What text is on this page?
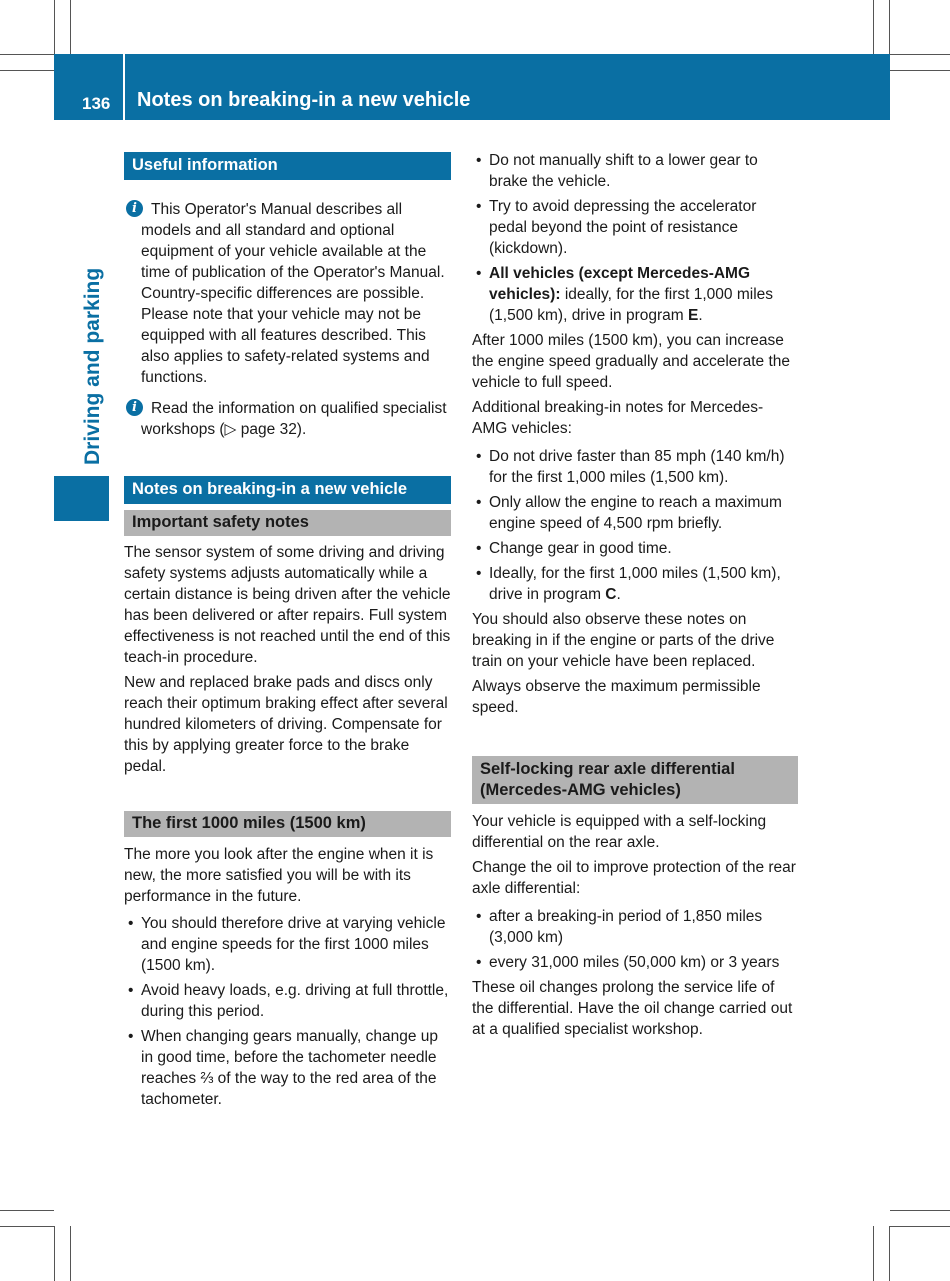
136	Notes on breaking-in a new vehicle
Driving and parking
Useful information
i This Operator's Manual describes all models and all standard and optional equipment of your vehicle available at the time of publication of the Operator's Manual. Country-specific differences are possible. Please note that your vehicle may not be equipped with all features described. This also applies to safety-related systems and functions.

i Read the information on qualified specialist workshops (▷ page 32).

Notes on breaking-in a new vehicle
Important safety notes

The sensor system of some driving and driving safety systems adjusts automatically while a certain distance is being driven after the vehicle has been delivered or after repairs. Full system effectiveness is not reached until the end of this teach-in procedure.

New and replaced brake pads and discs only reach their optimum braking effect after several hundred kilometers of driving. Compensate for this by applying greater force to the brake pedal.

The first 1000 miles (1500 km)

The more you look after the engine when it is new, the more satisfied you will be with its performance in the future.

• You should therefore drive at varying vehicle and engine speeds for the first 1000 miles (1500 km).
• Avoid heavy loads, e.g. driving at full throttle, during this period.
• When changing gears manually, change up in good time, before the tachometer needle reaches ⅔ of the way to the red area of the tachometer.
• Do not manually shift to a lower gear to brake the vehicle.
• Try to avoid depressing the accelerator pedal beyond the point of resistance (kickdown).
• All vehicles (except Mercedes-AMG vehicles): ideally, for the first 1,000 miles (1,500 km), drive in program E.

After 1000 miles (1500 km), you can increase the engine speed gradually and accelerate the vehicle to full speed.

Additional breaking-in notes for Mercedes-AMG vehicles:

• Do not drive faster than 85 mph (140 km/h) for the first 1,000 miles (1,500 km).
• Only allow the engine to reach a maximum engine speed of 4,500 rpm briefly.
• Change gear in good time.
• Ideally, for the first 1,000 miles (1,500 km), drive in program C.

You should also observe these notes on breaking in if the engine or parts of the drive train on your vehicle have been replaced.

Always observe the maximum permissible speed.

Self-locking rear axle differential (Mercedes-AMG vehicles)

Your vehicle is equipped with a self-locking differential on the rear axle.

Change the oil to improve protection of the rear axle differential:

• after a breaking-in period of 1,850 miles (3,000 km)
• every 31,000 miles (50,000 km) or 3 years

These oil changes prolong the service life of the differential. Have the oil change carried out at a qualified specialist workshop.
